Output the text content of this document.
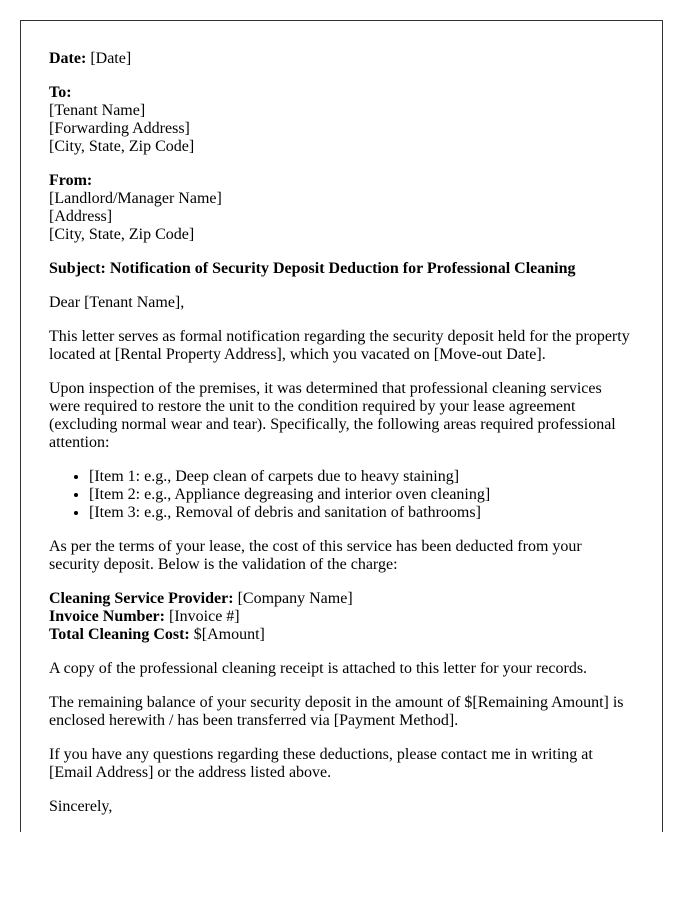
Date: [Date]

To:
[Tenant Name]
[Forwarding Address]
[City, State, Zip Code]

From:
[Landlord/Manager Name]
[Address]
[City, State, Zip Code]

Subject: Notification of Security Deposit Deduction for Professional Cleaning

Dear [Tenant Name],

This letter serves as formal notification regarding the security deposit held for the property located at [Rental Property Address], which you vacated on [Move-out Date].

Upon inspection of the premises, it was determined that professional cleaning services were required to restore the unit to the condition required by your lease agreement (excluding normal wear and tear). Specifically, the following areas required professional attention:

• [Item 1: e.g., Deep clean of carpets due to heavy staining]
• [Item 2: e.g., Appliance degreasing and interior oven cleaning]
• [Item 3: e.g., Removal of debris and sanitation of bathrooms]

As per the terms of your lease, the cost of this service has been deducted from your security deposit. Below is the validation of the charge:

Cleaning Service Provider: [Company Name]
Invoice Number: [Invoice #]
Total Cleaning Cost: $[Amount]

A copy of the professional cleaning receipt is attached to this letter for your records.

The remaining balance of your security deposit in the amount of $[Remaining Amount] is enclosed herewith / has been transferred via [Payment Method].

If you have any questions regarding these deductions, please contact me in writing at [Email Address] or the address listed above.

Sincerely,
